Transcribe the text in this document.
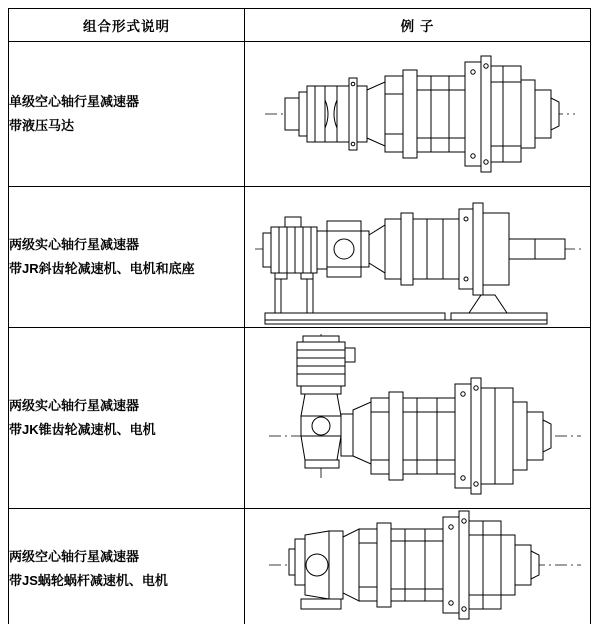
组合形式说明	例 子

单级空心轴行星减速器
带液压马达

两级实心轴行星减速器
带JR斜齿轮减速机、电机和底座

两级实心轴行星减速器
带JK锥齿轮减速机、电机

两级空心轴行星减速器
带JS蜗轮蜗杆减速机、电机
